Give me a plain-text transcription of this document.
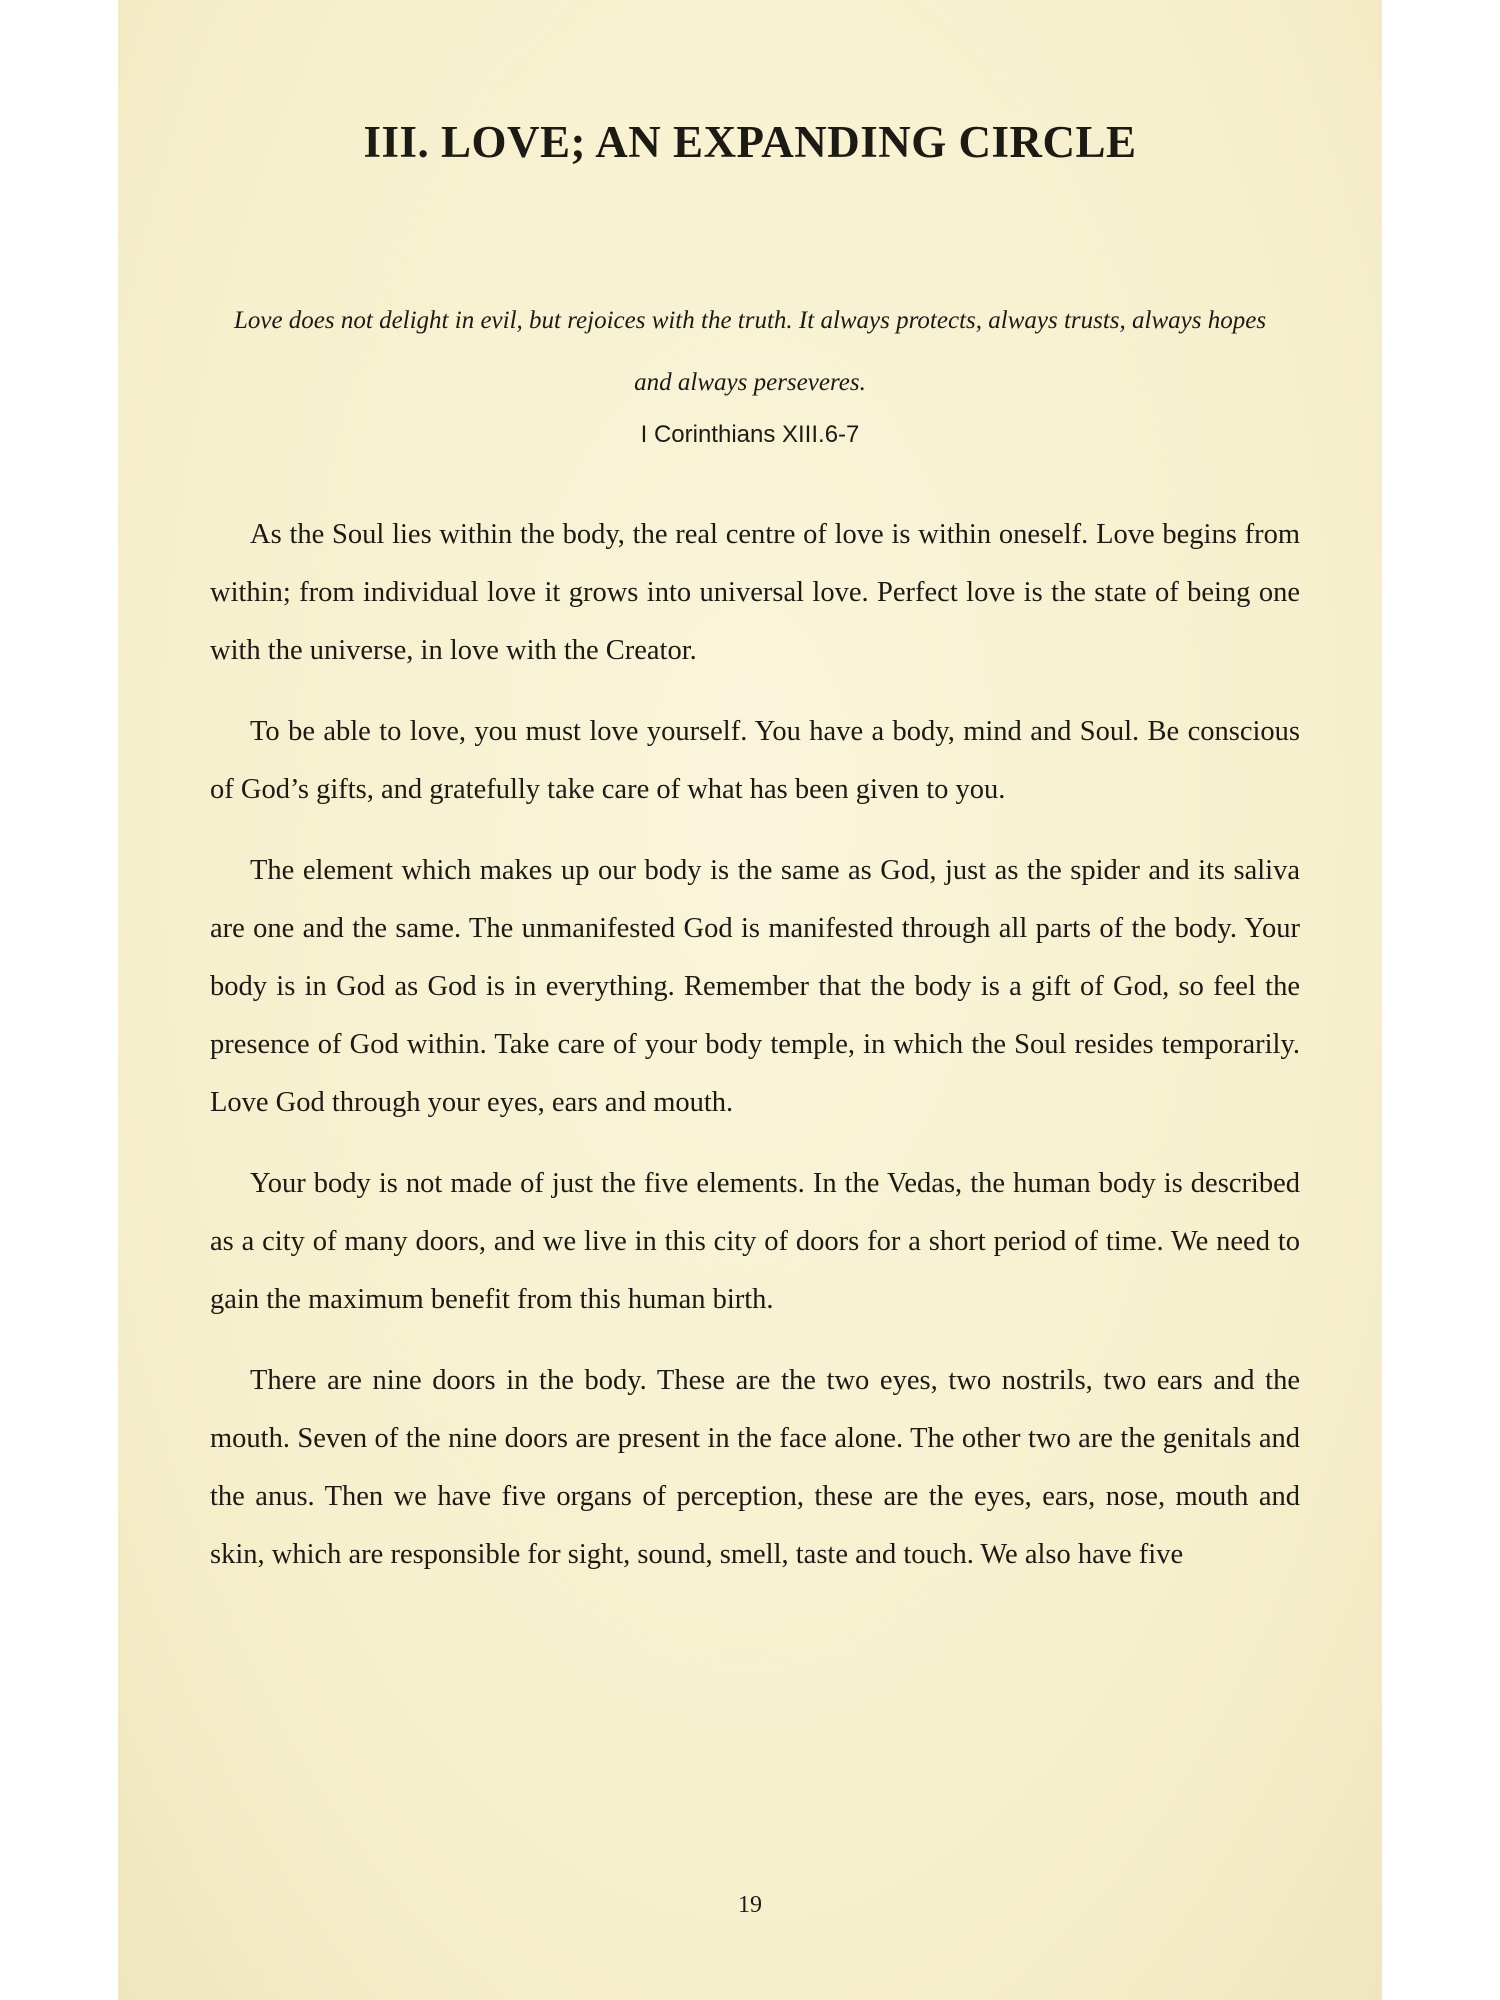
III. LOVE; AN EXPANDING CIRCLE

Love does not delight in evil, but rejoices with the truth. It always protects, always trusts, always hopes and always perseveres.

I Corinthians XIII.6-7

As the Soul lies within the body, the real centre of love is within oneself. Love begins from within; from individual love it grows into universal love. Perfect love is the state of being one with the universe, in love with the Creator.

To be able to love, you must love yourself. You have a body, mind and Soul. Be conscious of God’s gifts, and gratefully take care of what has been given to you.

The element which makes up our body is the same as God, just as the spider and its saliva are one and the same. The unmanifested God is manifested through all parts of the body. Your body is in God as God is in everything. Remember that the body is a gift of God, so feel the presence of God within. Take care of your body temple, in which the Soul resides temporarily. Love God through your eyes, ears and mouth.

Your body is not made of just the five elements. In the Vedas, the human body is described as a city of many doors, and we live in this city of doors for a short period of time. We need to gain the maximum benefit from this human birth.

There are nine doors in the body. These are the two eyes, two nostrils, two ears and the mouth. Seven of the nine doors are present in the face alone. The other two are the genitals and the anus. Then we have five organs of perception, these are the eyes, ears, nose, mouth and skin, which are responsible for sight, sound, smell, taste and touch. We also have five

19
